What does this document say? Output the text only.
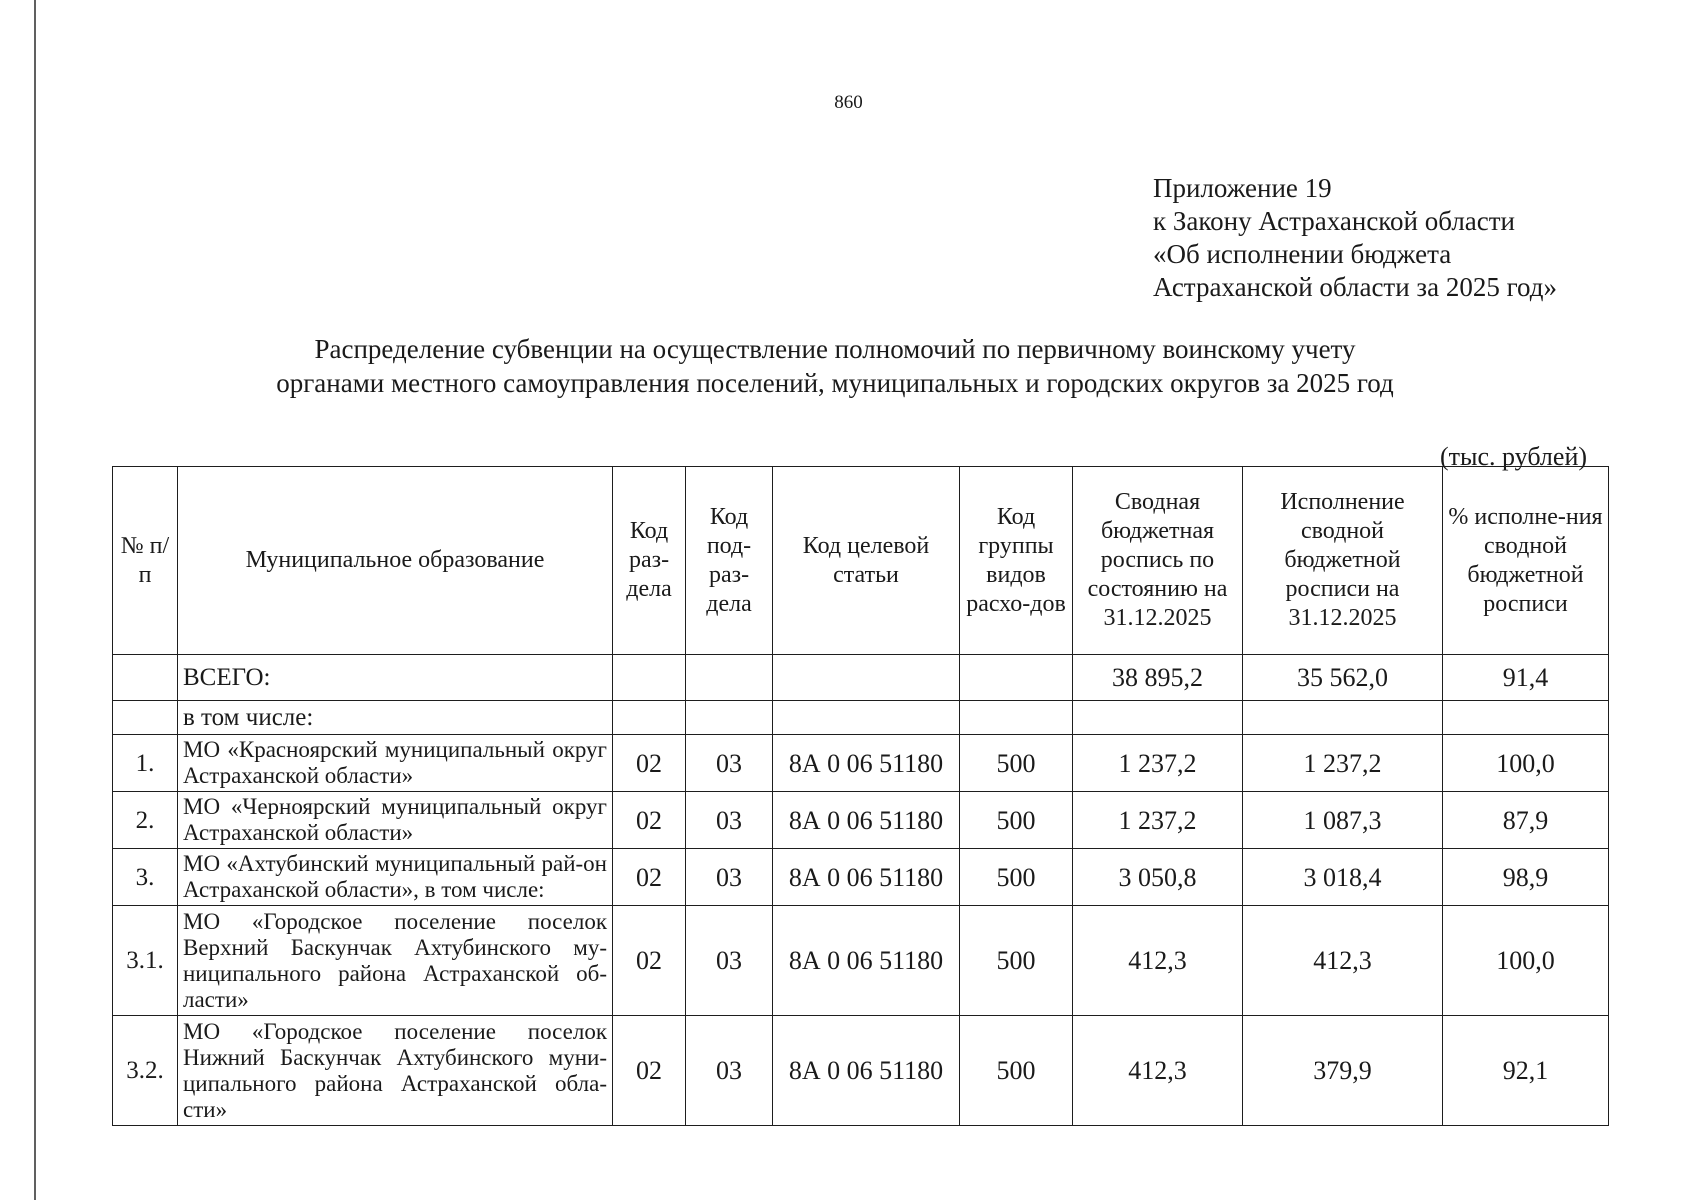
860
Приложение 19
к Закону Астраханской области
«Об исполнении бюджета
Астраханской области за 2025 год»
Распределение субвенции на осуществление полномочий по первичному воинскому учету
органами местного самоуправления поселений, муниципальных и городских округов за 2025 год
(тыс. рублей)
№ п/п	Муниципальное образование	Код раз-дела	Код под-раз-дела	Код целевой статьи	Код группы видов расхо-дов	Сводная бюджетная роспись по состоянию на 31.12.2025	Исполнение сводной бюджетной росписи на 31.12.2025	% исполне-ния сводной бюджетной росписи
	ВСЕГО:					38 895,2	35 562,0	91,4
	в том числе:							
1.	МО «Красноярский муниципальный округ Астраханской области»	02	03	8А 0 06 51180	500	1 237,2	1 237,2	100,0
2.	МО «Черноярский муниципальный округ Астраханской области»	02	03	8А 0 06 51180	500	1 237,2	1 087,3	87,9
3.	МО «Ахтубинский муниципальный рай-он Астраханской области», в том числе:	02	03	8А 0 06 51180	500	3 050,8	3 018,4	98,9
3.1.	МО «Городское поселение поселок Верхний Баскунчак Ахтубинского му-ниципального района Астраханской об-ласти»	02	03	8А 0 06 51180	500	412,3	412,3	100,0
3.2.	МО «Городское поселение поселок Нижний Баскунчак Ахтубинского муни-ципального района Астраханской обла-сти»	02	03	8А 0 06 51180	500	412,3	379,9	92,1
